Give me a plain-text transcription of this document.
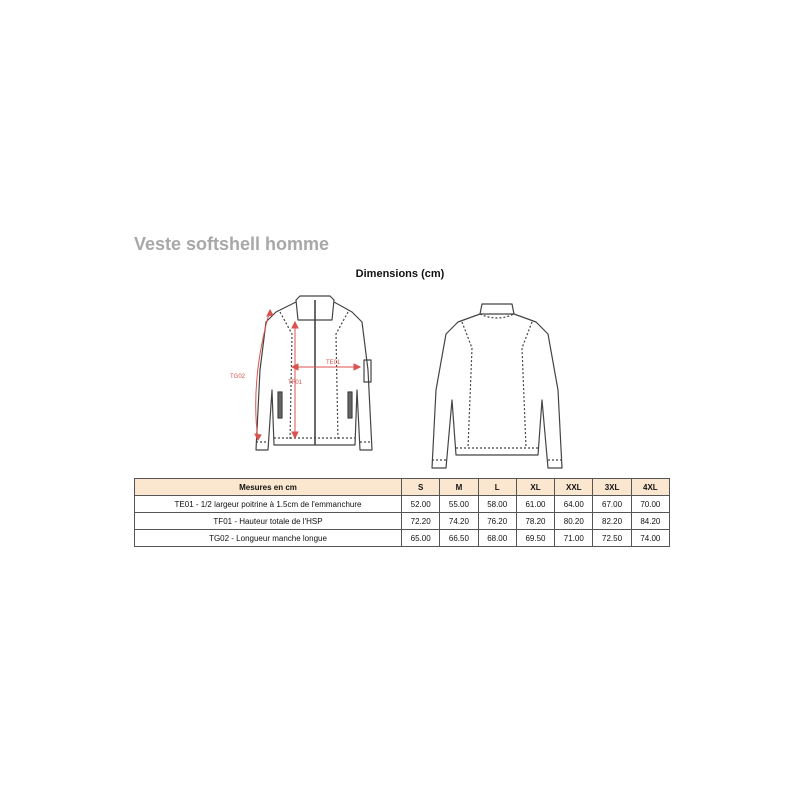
Veste softshell homme
Dimensions (cm)
TG02
TF01
TE01
Mesures en cm	S	M	L	XL	XXL	3XL	4XL
TE01 - 1/2 largeur poitrine à 1.5cm de l'emmanchure	52.00	55.00	58.00	61.00	64.00	67.00	70.00
TF01 - Hauteur totale de l'HSP	72.20	74.20	76.20	78.20	80.20	82.20	84.20
TG02 - Longueur manche longue	65.00	66.50	68.00	69.50	71.00	72.50	74.00
